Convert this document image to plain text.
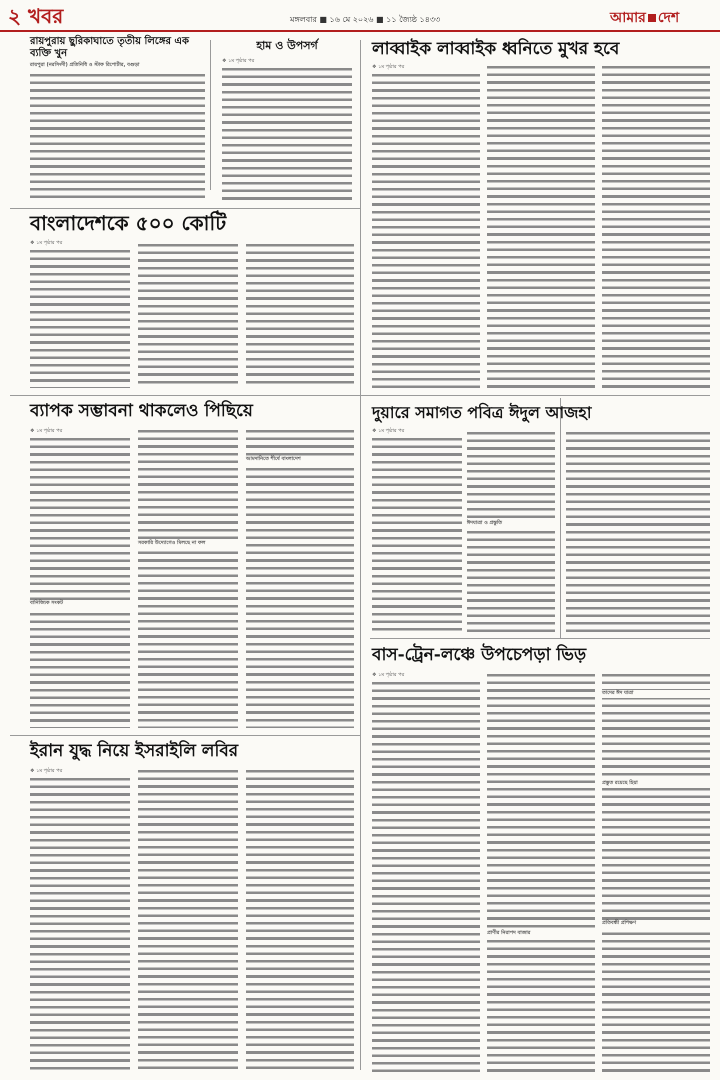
২ খবর	মঙ্গলবার ■ ১৬ মে ২০২৬ ■ ১১ জ্যৈষ্ঠ ১৪৩৩	আমার দেশ
রায়পুরায় ছুরিকাঘাতে তৃতীয় লিঙ্গের এক ব্যক্তি খুন
রায়পুরা (নরসিংদী) প্রতিনিধি ও স্টাফ রিপোর্টার, বগুড়া
হাম ও উপসর্গ
❖ ১ম পৃষ্ঠার পর
লাব্বাইক লাব্বাইক ধ্বনিতে মুখর হবে
❖ ১ম পৃষ্ঠার পর
বাংলাদেশকে ৫০০ কোটি
❖ ১ম পৃষ্ঠার পর
ব্যাপক সম্ভাবনা থাকলেও পিছিয়ে
❖ ১ম পৃষ্ঠার পর
আমদানিতে শীর্ষে বাংলাদেশ
সরকারি উদ্যোগেও মিলছে না ফল
বানিজ্যিক সংকট
দুয়ারে সমাগত পবিত্র ঈদুল আজহা
❖ ১ম পৃষ্ঠার পর
ঈদযাত্রা ও প্রস্তুতি
বাস-ট্রেন-লঞ্চে উপচেপড়া ভিড়
❖ ১ম পৃষ্ঠার পর
তাদের ঈদ যাত্রা
প্রস্তুত রয়েছে হিয়া
প্রাণীর নিরাপদ বাজার
প্রতিবন্ধী প্রশিক্ষণ
ইরান যুদ্ধ নিয়ে ইসরাইলি লবির
❖ ১ম পৃষ্ঠার পর
